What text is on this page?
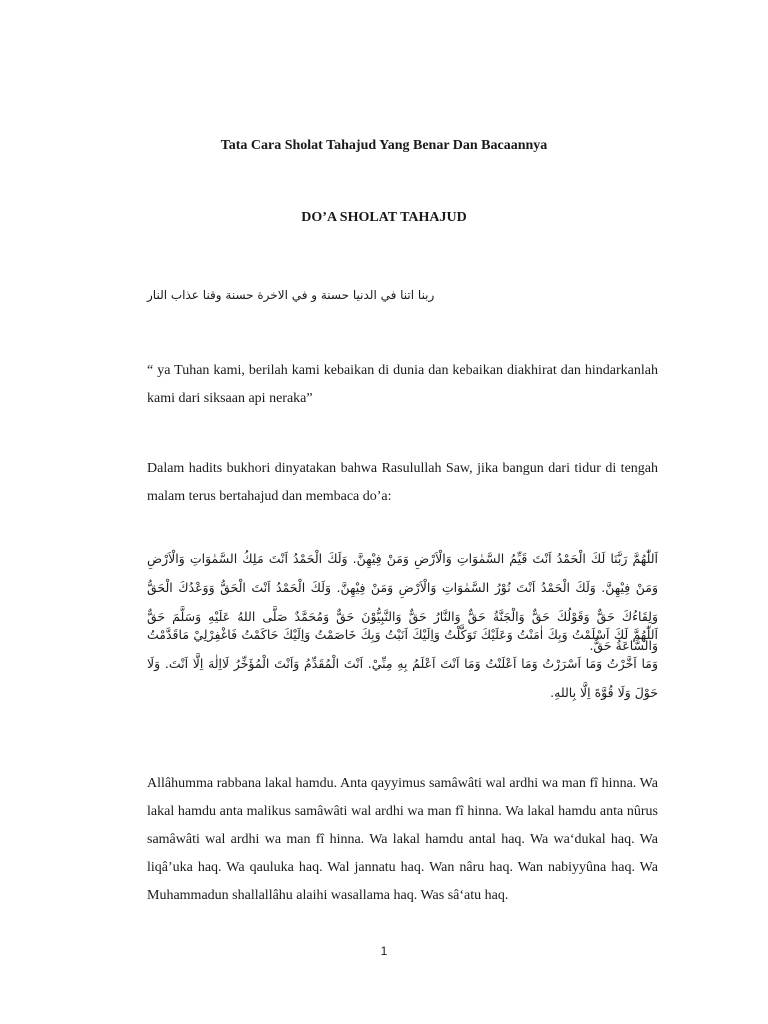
Tata Cara Sholat Tahajud Yang Benar Dan Bacaannya

DO’A SHOLAT TAHAJUD

ربنا اتنا في الدنيا حسنة و في الاخرة حسنة وقنا عذاب النار

“ ya Tuhan kami, berilah kami kebaikan di dunia dan kebaikan diakhirat dan hindarkanlah kami dari siksaan api neraka”

Dalam hadits bukhori dinyatakan bahwa Rasulullah Saw, jika bangun dari tidur di tengah malam terus bertahajud dan membaca do’a:

اَللّٰهُمَّ رَبَّنَا لَكَ الْحَمْدُ اَنْتَ قَيِّمُ السَّمٰوَاتِ وَالْاَرْضِ وَمَنْ فِيْهِنَّ. وَلَكَ الْحَمْدُ اَنْتَ مَلِكُ السَّمٰوَاتِ وَالْاَرْضِ وَمَنْ فِيْهِنَّ. وَلَكَ الْحَمْدُ اَنْتَ نُوْرُ السَّمٰوَاتِ وَالْاَرْضِ وَمَنْ فِيْهِنَّ. وَلَكَ الْحَمْدُ اَنْتَ الْحَقُّ وَوَعْدُكَ الْحَقُّ وَلِقَاءُكَ حَقٌّ وَقَوْلُكَ حَقٌّ وَالْجَنَّةُ حَقٌّ وَالنَّارُ حَقٌّ وَالنَّبِيُّوْنَ حَقٌّ وَمُحَمَّدٌ صَلَّى اللهُ عَلَيْهِ وَسَلَّمَ حَقٌّ وَالسَّاعَةُ حَقٌّ.

اَللّٰهُمَّ لَكَ اَسْلَمْتُ وَبِكَ اٰمَنْتُ وَعَلَيْكَ تَوَكَّلْتُ وَاِلَيْكَ اَنَبْتُ وَبِكَ خَاصَمْتُ وَاِلَيْكَ حَاكَمْتُ فَاغْفِرْلِيْ مَاقَدَّمْتُ وَمَا اَخَّرْتُ وَمَا اَسْرَرْتُ وَمَا اَعْلَنْتُ وَمَا اَنْتَ اَعْلَمُ بِهِ مِنِّيْ. اَنْتَ الْمُقَدِّمُ وَاَنْتَ الْمُؤَخِّرُ لَااِلٰهَ اِلَّا اَنْتَ. وَلَا حَوْلَ وَلَا قُوَّةَ اِلَّا بِاللهِ.

Allâhumma rabbana lakal hamdu. Anta qayyimus samâwâti wal ardhi wa man fî hinna. Wa lakal hamdu anta malikus samâwâti wal ardhi wa man fî hinna. Wa lakal hamdu anta nûrus samâwâti wal ardhi wa man fî hinna. Wa lakal hamdu antal haq. Wa wa‘dukal haq. Wa liqâ’uka haq. Wa qauluka haq. Wal jannatu haq. Wan nâru haq. Wan nabiyyûna haq. Wa Muhammadun shallallâhu alaihi wasallama haq. Was sâ‘atu haq.

1
